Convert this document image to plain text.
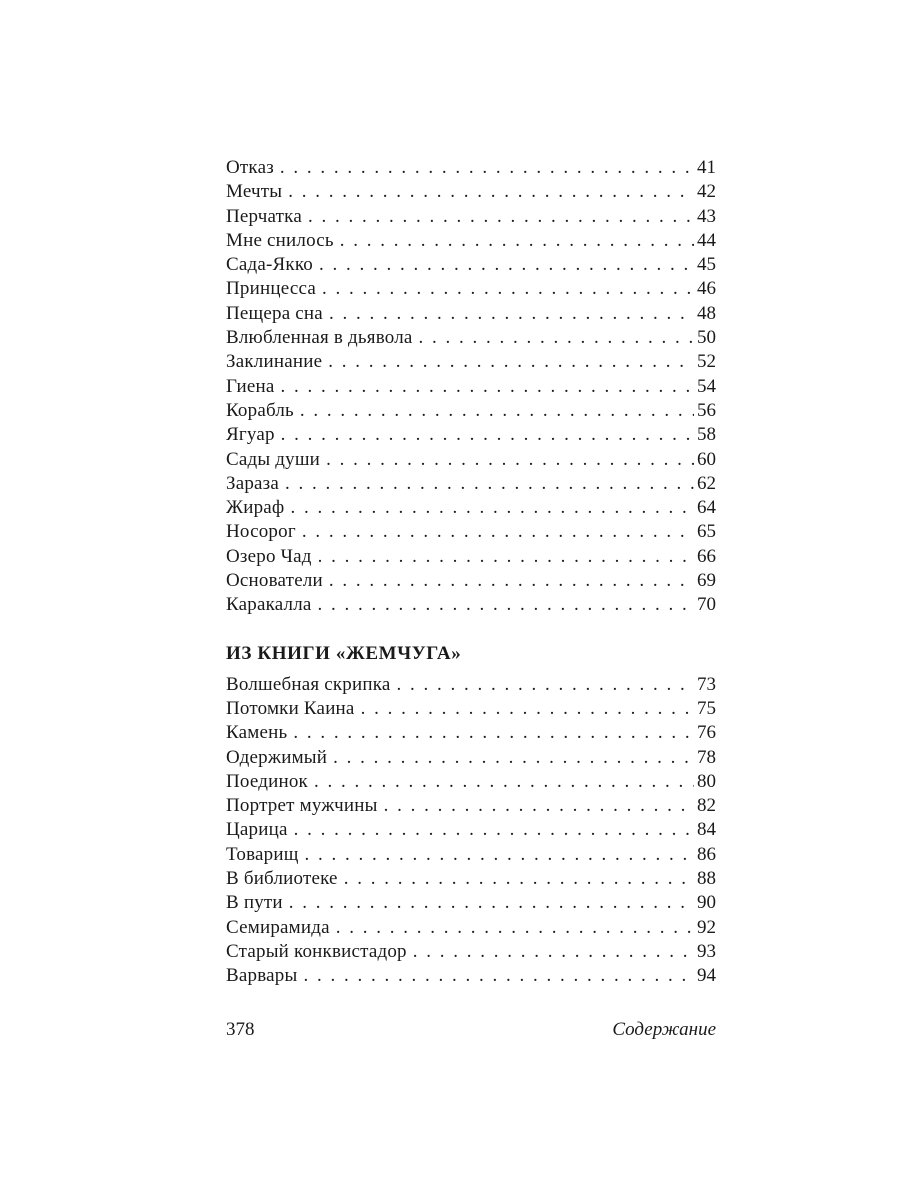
Отказ . . .	41
Мечты . . .	42
Перчатка . . .	43
Мне снилось . . .	44
Сада-Якко . . .	45
Принцесса . . .	46
Пещера сна . . .	48
Влюбленная в дьявола . . .	50
Заклинание . . .	52
Гиена . . .	54
Корабль . . .	56
Ягуар . . .	58
Сады души . . .	60
Зараза . . .	62
Жираф . . .	64
Носорог . . .	65
Озеро Чад . . .	66
Основатели . . .	69
Каракалла . . .	70
ИЗ КНИГИ «ЖЕМЧУГА»
Волшебная скрипка . . .	73
Потомки Каина . . .	75
Камень . . .	76
Одержимый . . .	78
Поединок . . .	80
Портрет мужчины . . .	82
Царица . . .	84
Товарищ . . .	86
В библиотеке . . .	88
В пути . . .	90
Семирамида . . .	92
Старый конквистадор . . .	93
Варвары . . .	94
378	Содержание
